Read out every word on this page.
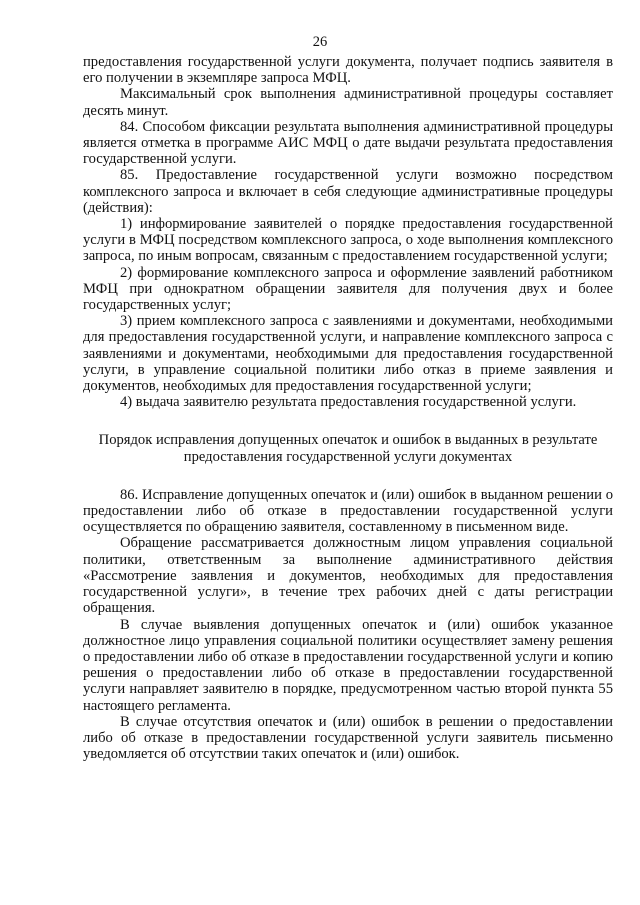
26

предоставления государственной услуги документа, получает подпись заявителя в его получении в экземпляре запроса МФЦ.

Максимальный срок выполнения административной процедуры составляет десять минут.

84. Способом фиксации результата выполнения административной процедуры является отметка в программе АИС МФЦ о дате выдачи результата предоставления государственной услуги.

85. Предоставление государственной услуги возможно посредством комплексного запроса и включает в себя следующие административные процедуры (действия):

1) информирование заявителей о порядке предоставления государственной услуги в МФЦ посредством комплексного запроса, о ходе выполнения комплексного запроса, по иным вопросам, связанным с предоставлением государственной услуги;

2) формирование комплексного запроса и оформление заявлений работником МФЦ при однократном обращении заявителя для получения двух и более государственных услуг;

3) прием комплексного запроса с заявлениями и документами, необходимыми для предоставления государственной услуги, и направление комплексного запроса с заявлениями и документами, необходимыми для предоставления государственной услуги, в управление социальной политики либо отказ в приеме заявления и документов, необходимых для предоставления государственной услуги;

4) выдача заявителю результата предоставления государственной услуги.

Порядок исправления допущенных опечаток и ошибок в выданных в результате предоставления государственной услуги документах

86. Исправление допущенных опечаток и (или) ошибок в выданном решении о предоставлении либо об отказе в предоставлении государственной услуги осуществляется по обращению заявителя, составленному в письменном виде.

Обращение рассматривается должностным лицом управления социальной политики, ответственным за выполнение административного действия «Рассмотрение заявления и документов, необходимых для предоставления государственной услуги», в течение трех рабочих дней с даты регистрации обращения.

В случае выявления допущенных опечаток и (или) ошибок указанное должностное лицо управления социальной политики осуществляет замену решения о предоставлении либо об отказе в предоставлении государственной услуги и копию решения о предоставлении либо об отказе в предоставлении государственной услуги направляет заявителю в порядке, предусмотренном частью второй пункта 55 настоящего регламента.

В случае отсутствия опечаток и (или) ошибок в решении о предоставлении либо об отказе в предоставлении государственной услуги заявитель письменно уведомляется об отсутствии таких опечаток и (или) ошибок.
